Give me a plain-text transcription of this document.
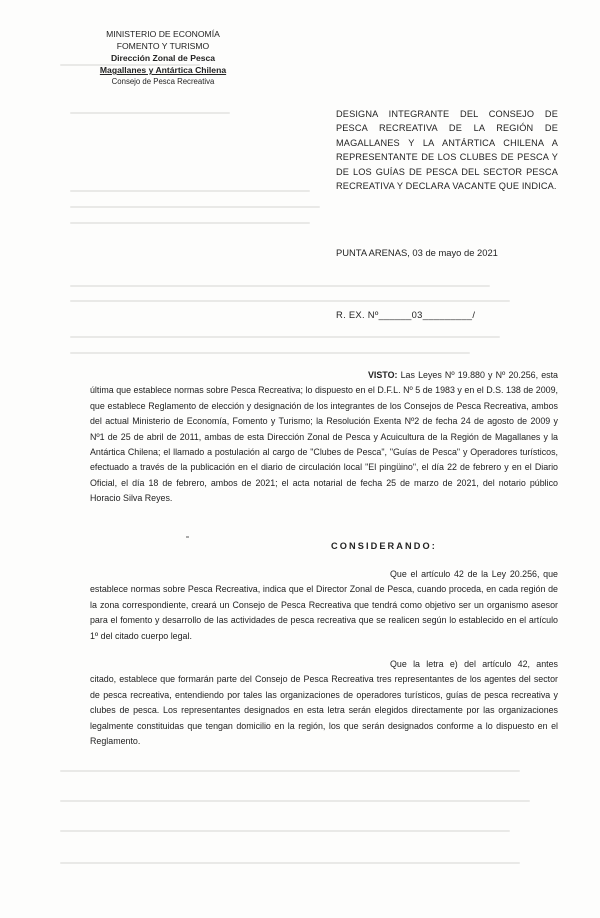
MINISTERIO DE ECONOMÍA
FOMENTO Y TURISMO
Dirección Zonal de Pesca
Magallanes y Antártica Chilena
Consejo de Pesca Recreativa
DESIGNA INTEGRANTE DEL CONSEJO DE PESCA RECREATIVA DE LA REGIÓN DE MAGALLANES Y LA ANTÁRTICA CHILENA A REPRESENTANTE DE LOS CLUBES DE PESCA Y DE LOS GUÍAS DE PESCA DEL SECTOR PESCA RECREATIVA Y DECLARA VACANTE QUE INDICA.
PUNTA ARENAS, 03 de mayo de 2021
R. EX. Nº______03_________/
VISTO: Las Leyes Nº 19.880 y Nº 20.256, esta última que establece normas sobre Pesca Recreativa; lo dispuesto en el D.F.L. Nº 5 de 1983 y en el D.S. 138 de 2009, que establece Reglamento de elección y designación de los integrantes de los Consejos de Pesca Recreativa, ambos del actual Ministerio de Economía, Fomento y Turismo; la Resolución Exenta Nº2 de fecha 24 de agosto de 2009 y Nº1 de 25 de abril de 2011, ambas de esta Dirección Zonal de Pesca y Acuicultura de la Región de Magallanes y la Antártica Chilena; el llamado a postulación al cargo de "Clubes de Pesca", "Guías de Pesca" y Operadores turísticos, efectuado a través de la publicación en el diario de circulación local "El pingüino", el día 22 de febrero y en el Diario Oficial, el día 18 de febrero, ambos de 2021; el acta notarial de fecha 25 de marzo de 2021, del notario público Horacio Silva Reyes.
CONSIDERANDO:
Que el artículo 42 de la Ley 20.256, que establece normas sobre Pesca Recreativa, indica que el Director Zonal de Pesca, cuando proceda, en cada región de la zona correspondiente, creará un Consejo de Pesca Recreativa que tendrá como objetivo ser un organismo asesor para el fomento y desarrollo de las actividades de pesca recreativa que se realicen según lo establecido en el artículo 1º del citado cuerpo legal.
Que la letra e) del artículo 42, antes citado, establece que formarán parte del Consejo de Pesca Recreativa tres representantes de los agentes del sector de pesca recreativa, entendiendo por tales las organizaciones de operadores turísticos, guías de pesca recreativa y clubes de pesca. Los representantes designados en esta letra serán elegidos directamente por las organizaciones legalmente constituidas que tengan domicilio en la región, los que serán designados conforme a lo dispuesto en el Reglamento.
